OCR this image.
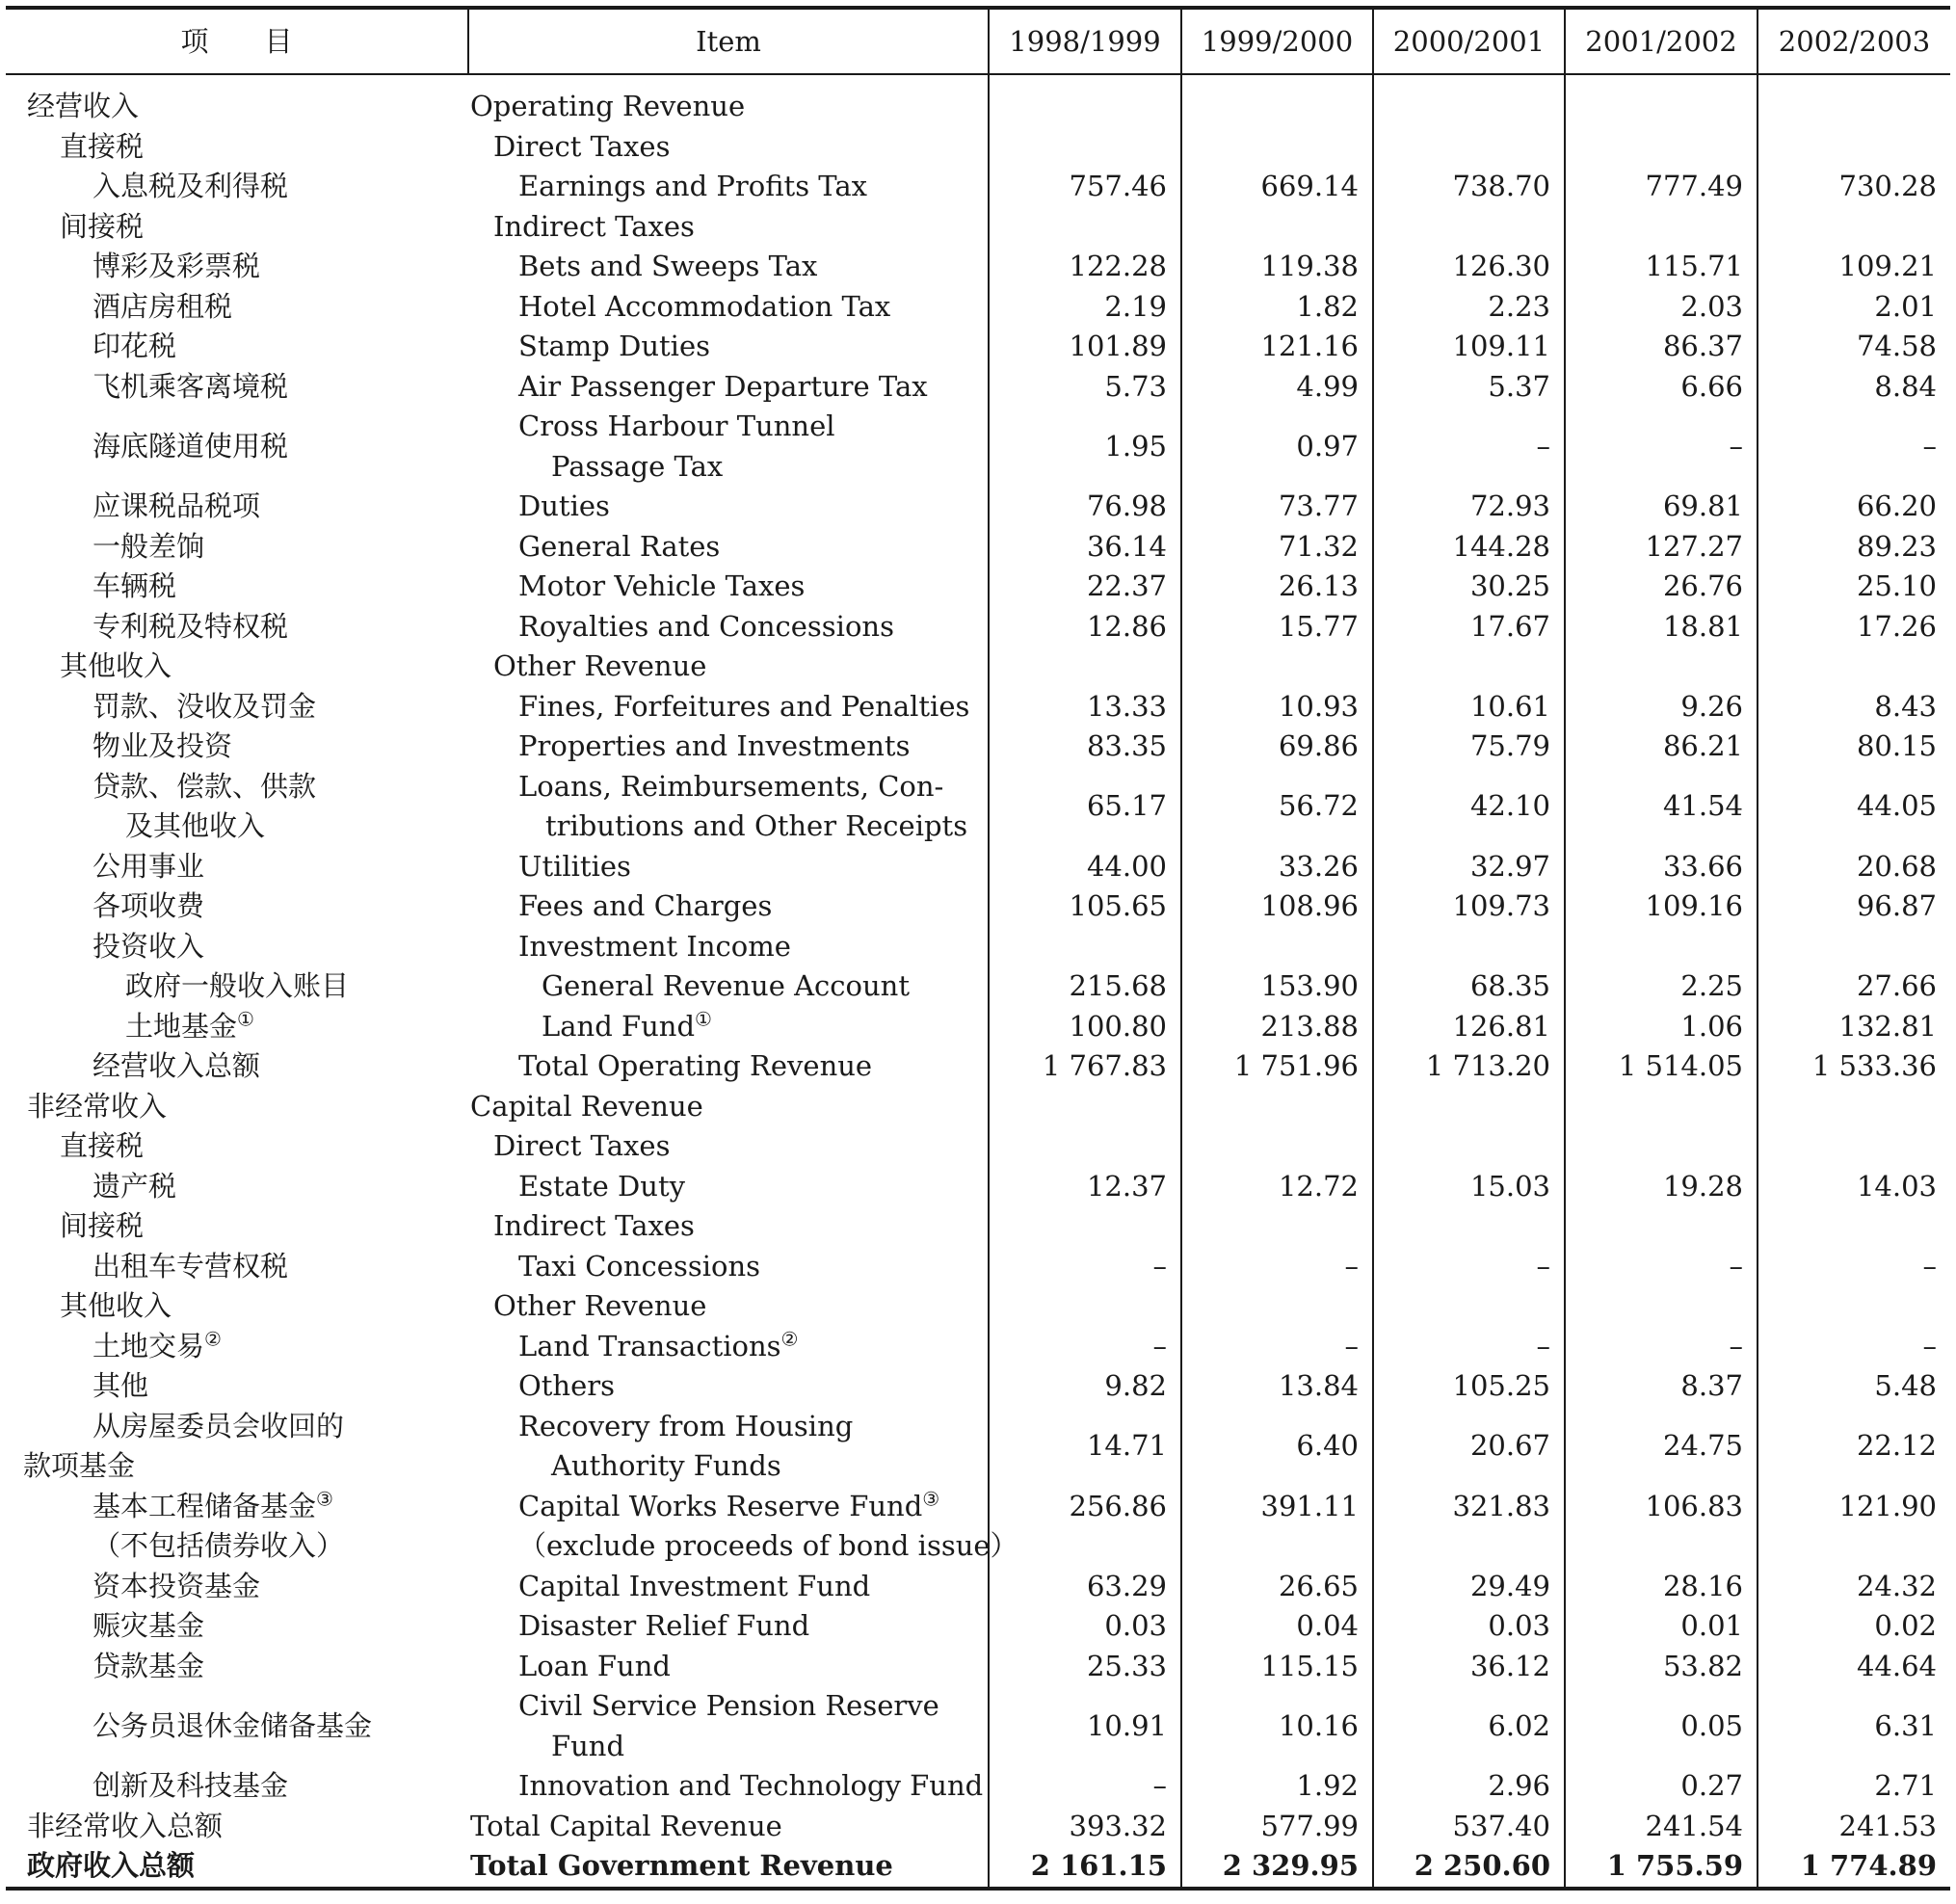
项　　目	Item	1998/1999	1999/2000	2000/2001	2001/2002	2002/2003

经营收入	Operating Revenue					

直接税	Direct Taxes					

入息税及利得税	Earnings and Profits Tax	757.46	669.14	738.70	777.49	730.28

间接税	Indirect Taxes					

博彩及彩票税	Bets and Sweeps Tax	122.28	119.38	126.30	115.71	109.21

酒店房租税	Hotel Accommodation Tax	2.19	1.82	2.23	2.03	2.01

印花税	Stamp Duties	101.89	121.16	109.11	86.37	74.58

飞机乘客离境税	Air Passenger Departure Tax	5.73	4.99	5.37	6.66	8.84

海底隧道使用税	Cross Harbour Tunnel
Passage Tax	1.95	0.97	–	–	–

应课税品税项	Duties	76.98	73.77	72.93	69.81	66.20

一般差饷	General Rates	36.14	71.32	144.28	127.27	89.23

车辆税	Motor Vehicle Taxes	22.37	26.13	30.25	26.76	25.10

专利税及特权税	Royalties and Concessions	12.86	15.77	17.67	18.81	17.26

其他收入	Other Revenue					

罚款、没收及罚金	Fines, Forfeitures and Penalties	13.33	10.93	10.61	9.26	8.43

物业及投资	Properties and Investments	83.35	69.86	75.79	86.21	80.15

贷款、偿款、供款
及其他收入	Loans, Reimbursements, Con-
tributions and Other Receipts	65.17	56.72	42.10	41.54	44.05

公用事业	Utilities	44.00	33.26	32.97	33.66	20.68

各项收费	Fees and Charges	105.65	108.96	109.73	109.16	96.87

投资收入	Investment Income					

政府一般收入账目	General Revenue Account	215.68	153.90	68.35	2.25	27.66

土地基金①	Land Fund①	100.80	213.88	126.81	1.06	132.81

经营收入总额	Total Operating Revenue	1 767.83	1 751.96	1 713.20	1 514.05	1 533.36

非经常收入	Capital Revenue					

直接税	Direct Taxes					

遗产税	Estate Duty	12.37	12.72	15.03	19.28	14.03

间接税	Indirect Taxes					

出租车专营权税	Taxi Concessions	–	–	–	–	–

其他收入	Other Revenue					

土地交易②	Land Transactions②	–	–	–	–	–

其他	Others	9.82	13.84	105.25	8.37	5.48

从房屋委员会收回的
款项基金	Recovery from Housing
Authority Funds	14.71	6.40	20.67	24.75	22.12

基本工程储备基金③
（不包括债券收入）	Capital Works Reserve Fund③
（exclude proceeds of bond issue）	256.86	391.11	321.83	106.83	121.90

资本投资基金	Capital Investment Fund	63.29	26.65	29.49	28.16	24.32

赈灾基金	Disaster Relief Fund	0.03	0.04	0.03	0.01	0.02

贷款基金	Loan Fund	25.33	115.15	36.12	53.82	44.64

公务员退休金储备基金	Civil Service Pension Reserve
Fund	10.91	10.16	6.02	0.05	6.31

创新及科技基金	Innovation and Technology Fund	–	1.92	2.96	0.27	2.71

非经常收入总额	Total Capital Revenue	393.32	577.99	537.40	241.54	241.53

政府收入总额	Total Government Revenue	2 161.15	2 329.95	2 250.60	1 755.59	1 774.89
